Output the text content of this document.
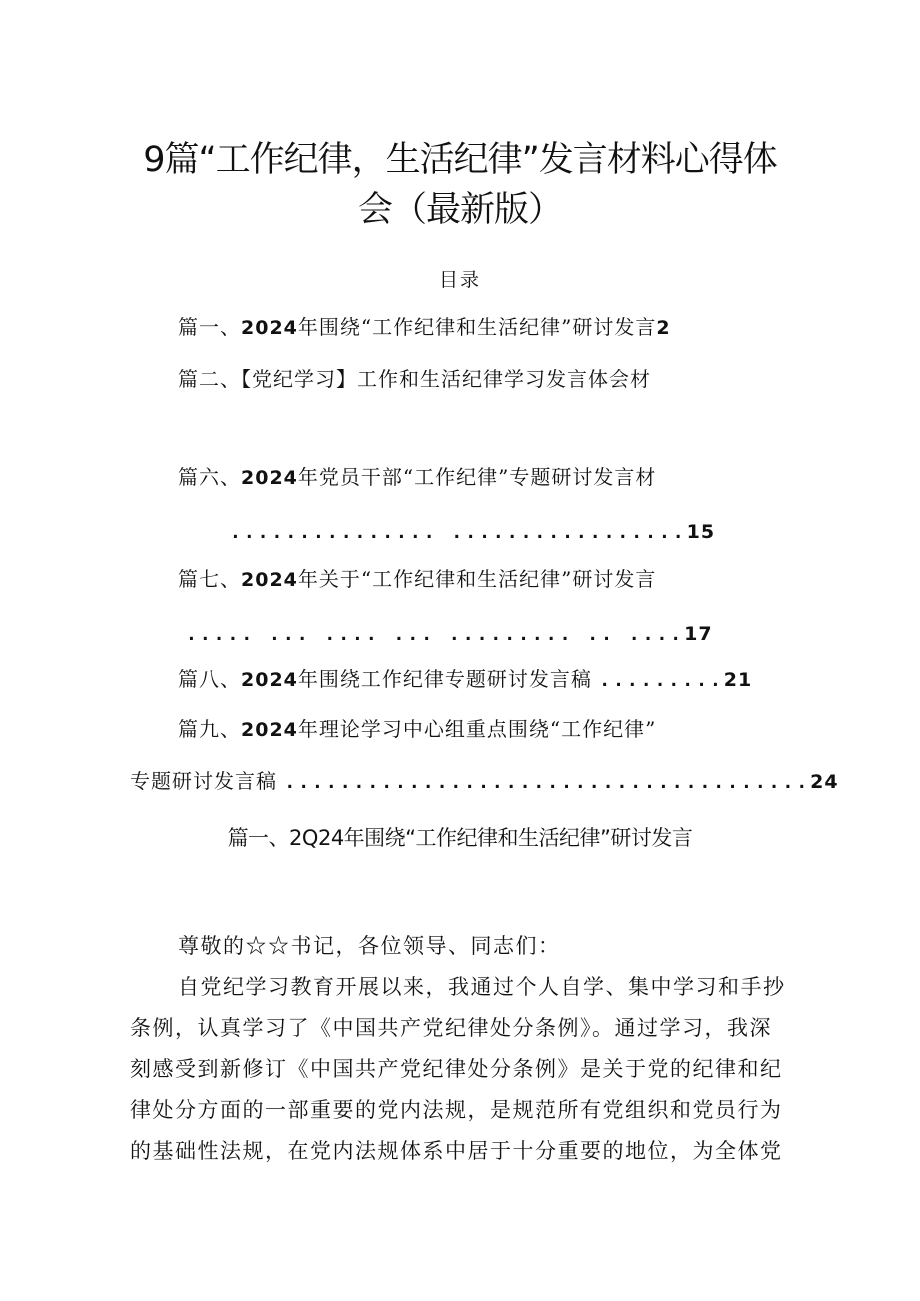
9篇“工作纪律，生活纪律”发言材料心得体
会（最新版）
目录
篇一、2024年围绕“工作纪律和生活纪律”研讨发言2
篇二、【党纪学习】工作和生活纪律学习发言体会材
篇六、2024年党员干部“工作纪律”专题研讨发言材
............... .................15
篇七、2024年关于“工作纪律和生活纪律”研讨发言
..... ... .... ... ......... .. ....17
篇八、2024年围绕工作纪律专题研讨发言稿 .........21
篇九、2024年理论学习中心组重点围绕“工作纪律”
专题研讨发言稿 ......................................24
篇一、2Q24年围绕“工作纪律和生活纪律”研讨发言
尊敬的☆☆书记，各位领导、同志们：
自党纪学习教育开展以来，我通过个人自学、集中学习和手抄
条例，认真学习了《中国共产党纪律处分条例》。通过学习，我深
刻感受到新修订《中国共产党纪律处分条例》是关于党的纪律和纪
律处分方面的一部重要的党内法规，是规范所有党组织和党员行为
的基础性法规，在党内法规体系中居于十分重要的地位，为全体党
